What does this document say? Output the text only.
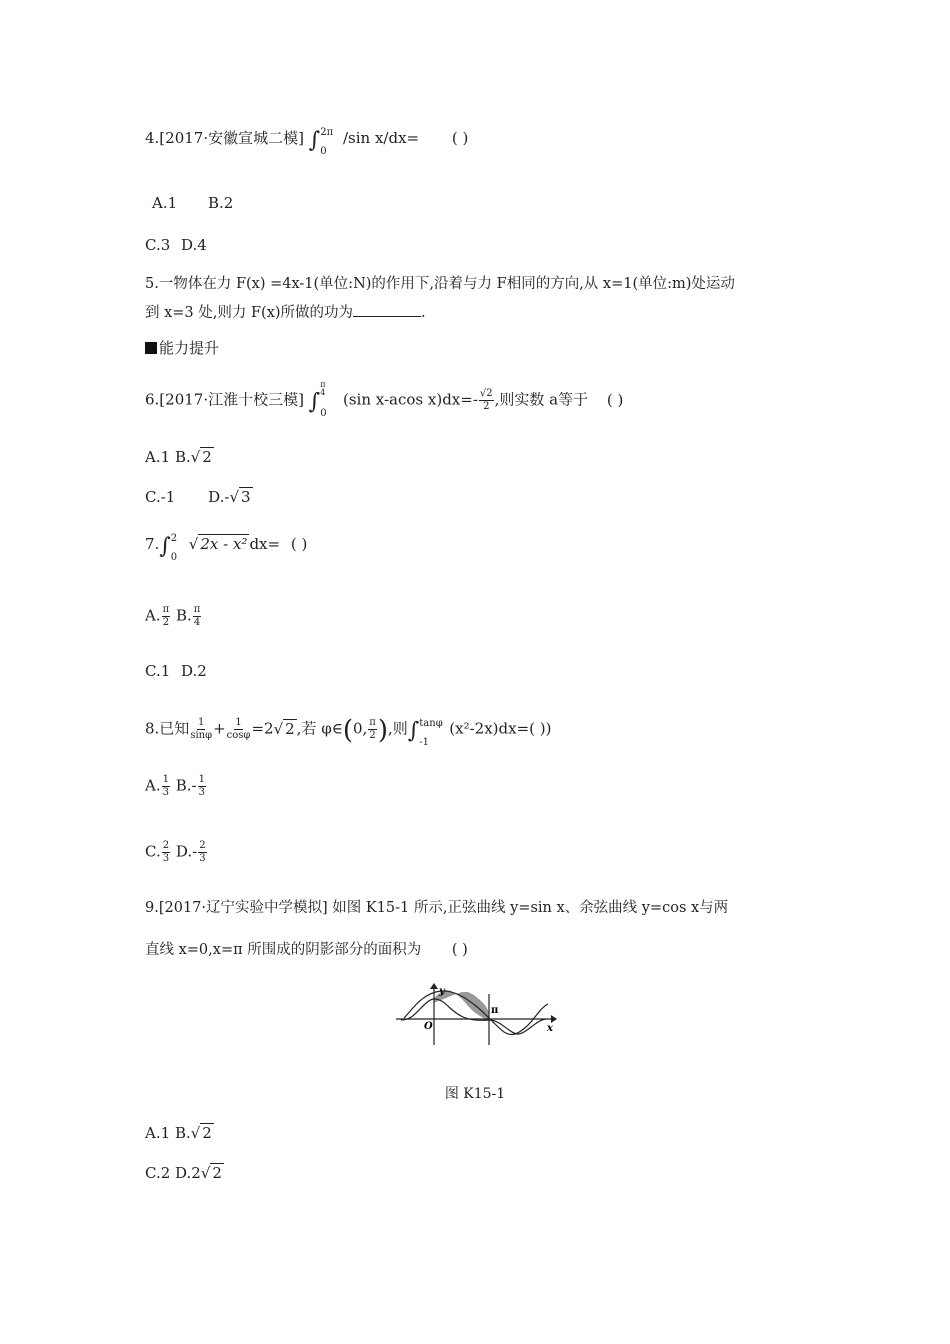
4.[2017·安徽宣城二模] ∫ 2π
0
/sin x/dx= ( )
A.1 B.2
C.3 D.4
5.一物体在力 F(x) =4x-1(单位:N)的作用下,沿着与力 F相同的方向,从 x=1(单位:m)处运动
到 x=3 处,则力 F(x)所做的功为	.
能力提升
6.[2017·江淮十校三模] ∫
π
4
0
(sin x-acos $x)dx=- \frac{√2}{2}$ ,则实数 a等于 ( )
A.1 B.√ 2
C.-1 D.-√ 3
7.∫ 2
0
√ 2x - x² dx= ( )
A. $\frac{\pi}{2} B$. $\frac{\pi}{4}$
C.1 D.2
8.已知 $\frac{1}{\sin\varphi} + \frac{1}{\cos\varphi} =2√$ 2 ,若 φ∈(0, $\frac{\pi}{2}$ ),则∫ tanφ
-1
(x²-2x)dx=( ))
A. $\frac{1}{3} B.- \frac{1}{3}$
C. $\frac{2}{3} D.- \frac{2}{3}$
9.[2017·辽宁实验中学模拟] 如图 K15-1 所示,正弦曲线 y=sin x、余弦曲线 y=cos x与两
直线 x=0,x=π 所围成的阴影部分的面积为 ( )
y
O
π
x
图 K15-1
A.1 B.√ 2
C.2 D.2√ 2
